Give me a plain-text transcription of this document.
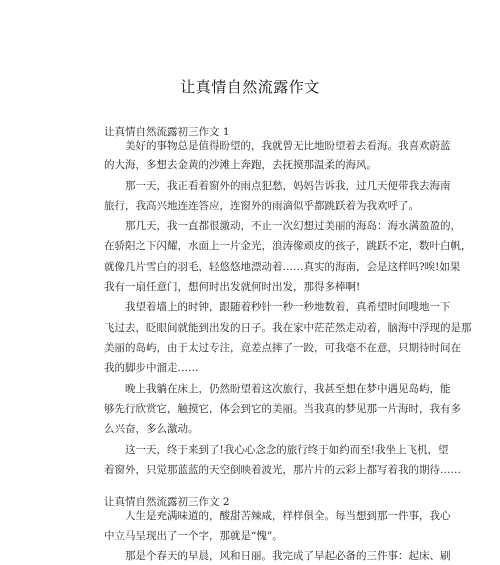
让真情自然流露作文
让真情自然流露初三作文 1
美好的事物总是值得盼望的，我就曾无比地盼望着去看海。我喜欢蔚蓝
的大海，多想去金黄的沙滩上奔跑，去抚摸那温柔的海风。
那一天，我正看着窗外的雨点犯愁，妈妈告诉我，过几天便带我去海南
旅行，我高兴地连连答应，连窗外的雨滴似乎都跳跃着为我欢呼了。
那几天，我一直都很激动，不止一次幻想过美丽的海岛：海水满盈盈的，
在骄阳之下闪耀，水面上一片金光，浪涛像顽皮的孩子，跳跃不定，数叶白帆，
就像几片雪白的羽毛，轻悠悠地漂动着……真实的海南，会是这样吗?唉!如果
我有一扇任意门，想何时出发就何时出发，那得多棒啊!
我望着墙上的时钟，跟随着秒针一秒一秒地数着，真希望时间嗖地一下
飞过去，眨眼间就能到出发的日子。我在家中茫茫然走动着，脑海中浮现的是那
美丽的岛屿，由于太过专注，竟差点摔了一跤，可我毫不在意，只期待时间在
我的脚步中溜走……
晚上我躺在床上，仍然盼望着这次旅行，我甚至想在梦中遇见岛屿，能
够先行欣赏它，触摸它，体会到它的美丽。当我真的梦见那一片海时，我有多
么兴奋，多么激动。
这一天，终于来到了!我心心念念的旅行终于如约而至!我坐上飞机，望
着窗外，只觉那蓝蓝的天空倒映着波光，那片片的云彩上都写着我的期待……
让真情自然流露初三作文 2
人生是充满味道的，酸甜苦辣咸，样样俱全。每当想到那一件事，我心
中立马呈现出了一个字，那就是“愧”。
那是个春天的早晨，风和日丽。我完成了早起必备的三件事：起床、刷
